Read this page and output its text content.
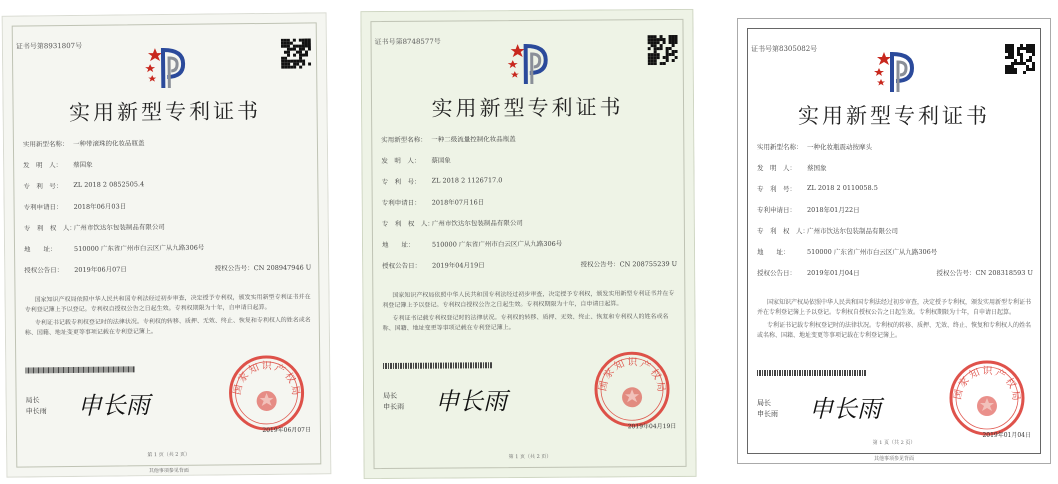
证书号第8931807号
实用新型专利证书
实用新型名称： 一种带滚珠的化妆品瓶盖
发　明　人：	蔡国象
专　利　号：	ZL 2018 2 0852505.4
专利申请日：	2018年06月03日
专　利　权　人：
广州市饮达尔包装制品有限公司
地　　址：	510000 广东省广州市白云区广从九路306号
授权公告日：	2019年06月07日	授权公告号：CN 208947946 U

国家知识产权局依照中华人民共和国专利法经过初步审查，决定授予专利权，颁发实用新型专利证书并在专利登记簿上予以登记。专利权自授权公告之日起生效。专利权期限为十年，自申请日起算。

专利证书记载专利权登记时的法律状况。专利权的转移、质押、无效、终止、恢复和专利权人的姓名或名称、国籍、地址变更等事项记载在专利登记簿上。

局长
申长雨 申长雨
国家知识产权局
2019年06月07日
第 1 页（共 2 页）
其他事项参见背面
证书号第8748577号
实用新型专利证书
实用新型名称： 一种二级流量控制化妆品瓶盖
发　明　人：	蔡国象
专　利　号：	ZL 2018 2 1126717.0
专利申请日：	2018年07月16日
专　利　权　人：
广州市饮达尔包装制品有限公司
地　　址：	510000 广东省广州市白云区广从九路306号
授权公告日：	2019年04月19日	授权公告号：CN 208755239 U

国家知识产权局依照中华人民共和国专利法经过初步审查，决定授予专利权，颁发实用新型专利证书并在专利登记簿上予以登记。专利权自授权公告之日起生效。专利权期限为十年，自申请日起算。

专利证书记载专利权登记时的法律状况。专利权的转移、质押、无效、终止、恢复和专利权人的姓名或名称、国籍、地址变更等事项记载在专利登记簿上。

局长
申长雨 申长雨
国家知识产权局
2019年04月19日
第 1 页（共 2 页）
证书号第8305082号
实用新型专利证书
实用新型名称： 一种化妆瓶震动按摩头
发　明　人：	蔡国象
专　利　号：	ZL 2018 2 0110058.5
专利申请日：	2018年01月22日
专　利　权　人：
广州市饮达尔包装制品有限公司
地　　址：	510000 广东省广州市白云区广从九路306号
授权公告日：	2019年01月04日	授权公告号：CN 208318593 U

国家知识产权局依照中华人民共和国专利法经过初步审查，决定授予专利权，颁发实用新型专利证书并在专利登记簿上予以登记。专利权自授权公告之日起生效。专利权期限为十年，自申请日起算。

专利证书记载专利权登记时的法律状况。专利权的转移、质押、无效、终止、恢复和专利权人的姓名或名称、国籍、地址变更等事项记载在专利登记簿上。

局长
申长雨 申长雨
国家知识产权局
2019年01月04日
第 1 页（共 2 页）
其他事项参见背面
